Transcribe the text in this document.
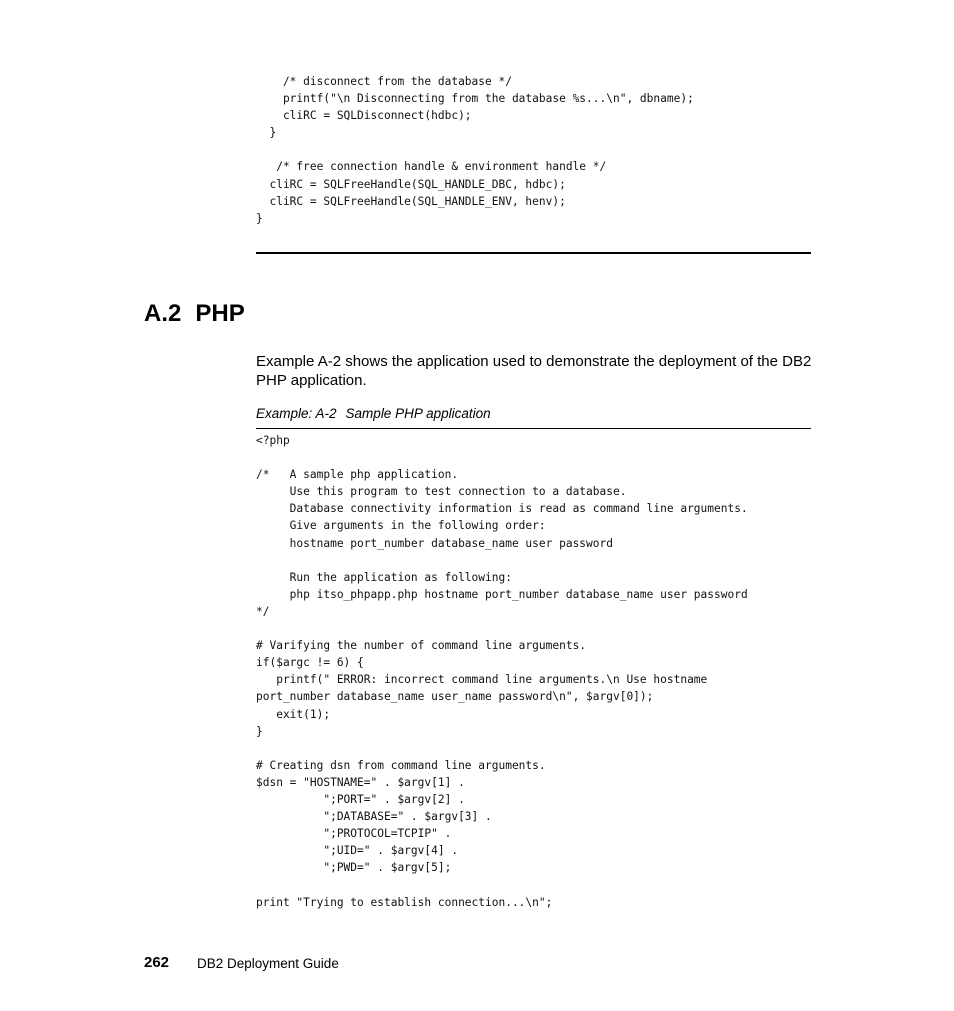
/* disconnect from the database */
printf("\n Disconnecting from the database %s...\n", dbname);
cliRC = SQLDisconnect(hdbc);
}

/* free connection handle & environment handle */
cliRC = SQLFreeHandle(SQL_HANDLE_DBC, hdbc);
cliRC = SQLFreeHandle(SQL_HANDLE_ENV, henv);
}
A.2 PHP

Example A-2 shows the application used to demonstrate the deployment of the DB2 PHP application.

Example: A-2 Sample PHP application

<?php

/*   A sample php application.
Use this program to test connection to a database.
Database connectivity information is read as command line arguments.
Give arguments in the following order:
hostname port_number database_name user password

Run the application as following:
php itso_phpapp.php hostname port_number database_name user password
*/

# Varifying the number of command line arguments.
if($argc != 6) {
printf(" ERROR: incorrect command line arguments.\n Use hostname
port_number database_name user_name password\n", $argv[0]);
exit(1);
}

# Creating dsn from command line arguments.
$dsn = "HOSTNAME=" . $argv[1] .
";PORT=" . $argv[2] .
";DATABASE=" . $argv[3] .
";PROTOCOL=TCPIP" .
";UID=" . $argv[4] .
";PWD=" . $argv[5];

print "Trying to establish connection...\n";
262 DB2 Deployment Guide
